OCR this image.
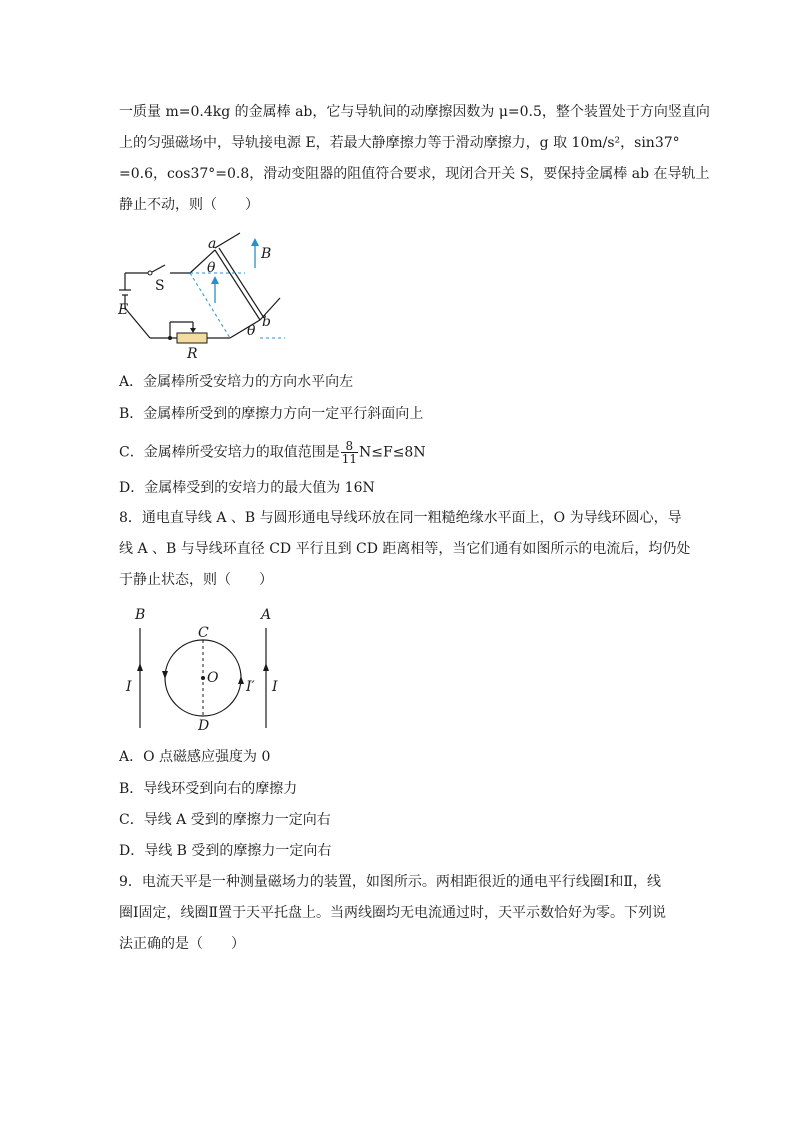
一质量 m=0.4kg 的金属棒 ab，它与导轨间的动摩擦因数为 μ=0.5，整个装置处于方向竖直向
上的匀强磁场中，导轨接电源 E，若最大静摩擦力等于滑动摩擦力，g 取 10m/s²，sin37°
=0.6，cos37°=0.8，滑动变阻器的阻值符合要求，现闭合开关 S，要保持金属棒 ab 在导轨上
静止不动，则（　　）
a
b
B
θ
θ
S
E
R
A．金属棒所受安培力的方向水平向左
B．金属棒所受到的摩擦力方向一定平行斜面向上
C．金属棒所受安培力的取值范围是 $\frac{8}{11} N\le F\le 8N$
D．金属棒受到的安培力的最大值为 16N
8．通电直导线 A 、B 与圆形通电导线环放在同一粗糙绝缘水平面上，O 为导线环圆心，导
线 A 、B 与导线环直径 CD 平行且到 CD 距离相等，当它们通有如图所示的电流后，均仍处
于静止状态，则（　　）
B	A
C
D
O
I	I
I′
A．O 点磁感应强度为 0
B．导线环受到向右的摩擦力
C．导线 A 受到的摩擦力一定向右
D．导线 B 受到的摩擦力一定向右
9．电流天平是一种测量磁场力的装置，如图所示。两相距很近的通电平行线圈Ⅰ和Ⅱ，线
圈Ⅰ固定，线圈Ⅱ置于天平托盘上。当两线圈均无电流通过时，天平示数恰好为零。下列说
法正确的是（　　）
